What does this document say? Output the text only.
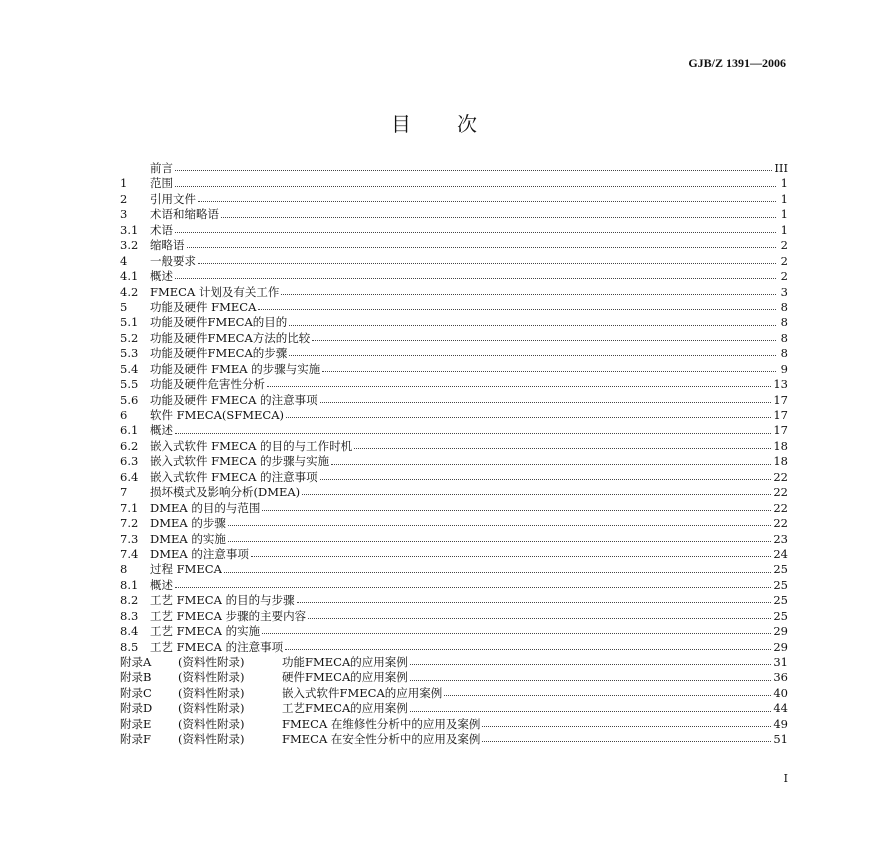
GJB/Z 1391—2006
目 次
前言	III
1	范围	1
2	引用文件	1
3	术语和缩略语	1
3.1	术语	1
3.2	缩略语	2
4	一般要求	2
4.1	概述	2
4.2	FMECA 计划及有关工作	3
5	功能及硬件 FMECA	8
5.1	功能及硬件FMECA的目的	8
5.2	功能及硬件FMECA方法的比较	8
5.3	功能及硬件FMECA的步骤	8
5.4	功能及硬件 FMEA 的步骤与实施	9
5.5	功能及硬件危害性分析	13
5.6	功能及硬件 FMECA 的注意事项	17
6	软件 FMECA(SFMECA)	17
6.1	概述	17
6.2	嵌入式软件 FMECA 的目的与工作时机	18
6.3	嵌入式软件 FMECA 的步骤与实施	18
6.4	嵌入式软件 FMECA 的注意事项	22
7	损坏模式及影响分析(DMEA)	22
7.1	DMEA 的目的与范围	22
7.2	DMEA 的步骤	22
7.3	DMEA 的实施	23
7.4	DMEA 的注意事项	24
8	过程 FMECA	25
8.1	概述	25
8.2	工艺 FMECA 的目的与步骤	25
8.3	工艺 FMECA 步骤的主要内容	25
8.4	工艺 FMECA 的实施	29
8.5	工艺 FMECA 的注意事项	29
附录A	(资料性附录)	功能FMECA的应用案例	31
附录B	(资料性附录)	硬件FMECA的应用案例	36
附录C	(资料性附录)	嵌入式软件FMECA的应用案例	40
附录D	(资料性附录)	工艺FMECA的应用案例	44
附录E	(资料性附录)	FMECA 在维修性分析中的应用及案例	49
附录F	(资料性附录)	FMECA 在安全性分析中的应用及案例	51
I
